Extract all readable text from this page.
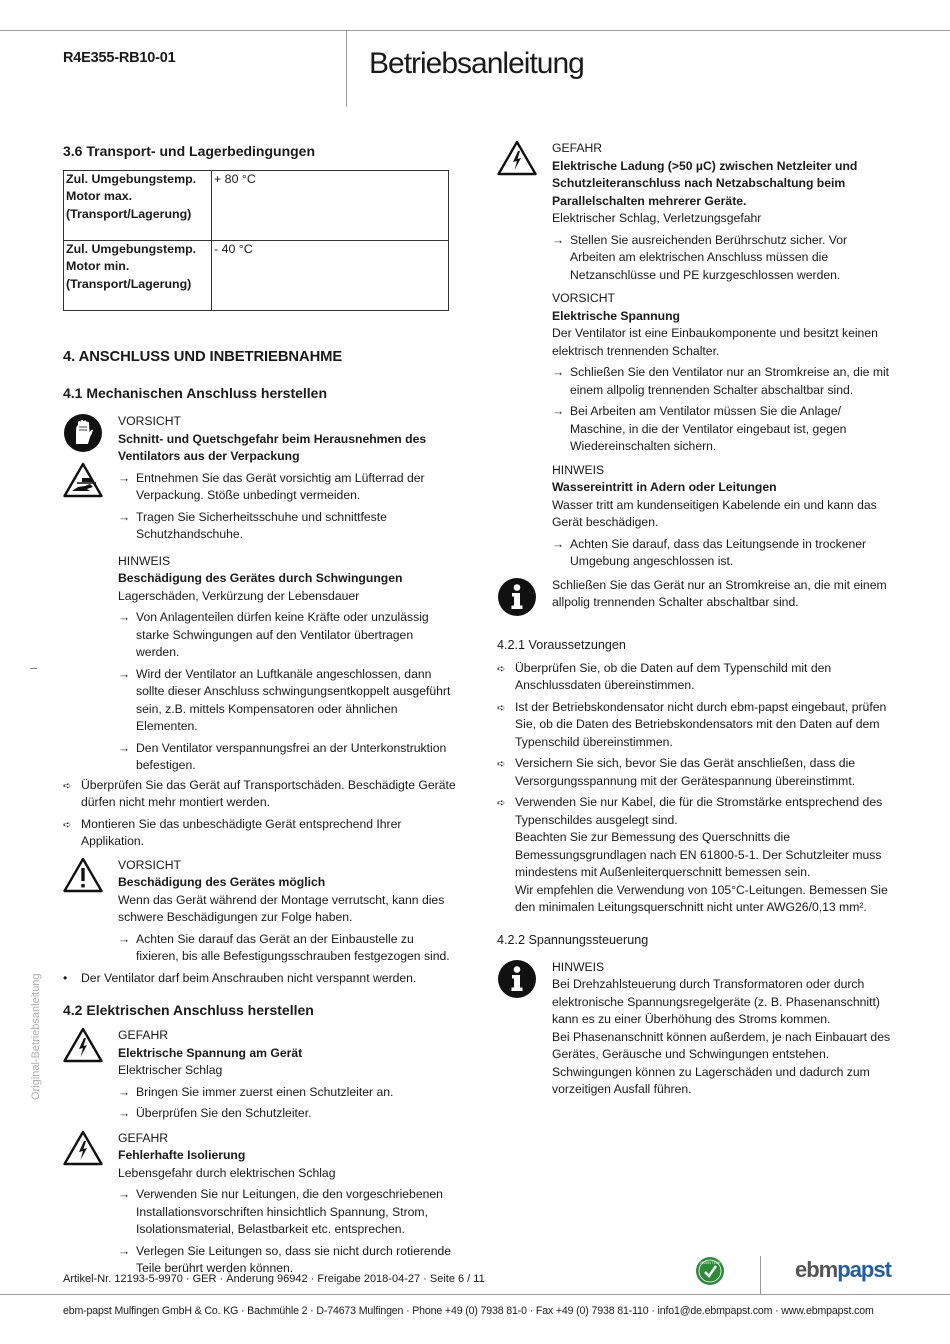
R4E355-RB10-01	Betriebsanleitung
Original-Betriebsanleitung
3.6 Transport- und Lagerbedingungen
Zul. Umgebungstemp. Motor max. (Transport/Lagerung)	+ 80 °C
Zul. Umgebungstemp. Motor min. (Transport/Lagerung)	- 40 °C
4. ANSCHLUSS UND INBETRIEBNAHME
4.1 Mechanischen Anschluss herstellen

VORSICHT
Schnitt- und Quetschgefahr beim Herausnehmen des Ventilators aus der Verpackung
→ Entnehmen Sie das Gerät vorsichtig am Lüfterrad der Verpackung. Stöße unbedingt vermeiden.
→ Tragen Sie Sicherheitsschuhe und schnittfeste Schutzhandschuhe.
HINWEIS
Beschädigung des Gerätes durch Schwingungen
Lagerschäden, Verkürzung der Lebensdauer
→ Von Anlagenteilen dürfen keine Kräfte oder unzulässig starke Schwingungen auf den Ventilator übertragen werden.
→ Wird der Ventilator an Luftkanäle angeschlossen, dann sollte dieser Anschluss schwingungsentkoppelt ausgeführt sein, z.B. mittels Kompensatoren oder ähnlichen Elementen.
→ Den Ventilator verspannungsfrei an der Unterkonstruktion befestigen.
➪ Überprüfen Sie das Gerät auf Transportschäden. Beschädigte Geräte dürfen nicht mehr montiert werden.
➪ Montieren Sie das unbeschädigte Gerät entsprechend Ihrer Applikation.
VORSICHT
Beschädigung des Gerätes möglich
Wenn das Gerät während der Montage verrutscht, kann dies schwere Beschädigungen zur Folge haben.
→ Achten Sie darauf das Gerät an der Einbaustelle zu fixieren, bis alle Befestigungsschrauben festgezogen sind.
• Der Ventilator darf beim Anschrauben nicht verspannt werden.
4.2 Elektrischen Anschluss herstellen
GEFAHR
Elektrische Spannung am Gerät
Elektrischer Schlag
→ Bringen Sie immer zuerst einen Schutzleiter an.
→ Überprüfen Sie den Schutzleiter.
GEFAHR
Fehlerhafte Isolierung
Lebensgefahr durch elektrischen Schlag
→ Verwenden Sie nur Leitungen, die den vorgeschriebenen Installationsvorschriften hinsichtlich Spannung, Strom, Isolationsmaterial, Belastbarkeit etc. entsprechen.
→ Verlegen Sie Leitungen so, dass sie nicht durch rotierende Teile berührt werden können.
GEFAHR
Elektrische Ladung (>50 µC) zwischen Netzleiter und Schutzleiteranschluss nach Netzabschaltung beim Parallelschalten mehrerer Geräte.
Elektrischer Schlag, Verletzungsgefahr
→ Stellen Sie ausreichenden Berührschutz sicher. Vor Arbeiten am elektrischen Anschluss müssen die Netzanschlüsse und PE kurzgeschlossen werden.
VORSICHT
Elektrische Spannung
Der Ventilator ist eine Einbaukomponente und besitzt keinen elektrisch trennenden Schalter.
→ Schließen Sie den Ventilator nur an Stromkreise an, die mit einem allpolig trennenden Schalter abschaltbar sind.
→ Bei Arbeiten am Ventilator müssen Sie die Anlage/ Maschine, in die der Ventilator eingebaut ist, gegen Wiedereinschalten sichern.
HINWEIS
Wassereintritt in Adern oder Leitungen
Wasser tritt am kundenseitigen Kabelende ein und kann das Gerät beschädigen.
→ Achten Sie darauf, dass das Leitungsende in trockener Umgebung angeschlossen ist.
Schließen Sie das Gerät nur an Stromkreise an, die mit einem allpolig trennenden Schalter abschaltbar sind.
4.2.1 Voraussetzungen
➪ Überprüfen Sie, ob die Daten auf dem Typenschild mit den Anschlussdaten übereinstimmen.
➪ Ist der Betriebskondensator nicht durch ebm-papst eingebaut, prüfen Sie, ob die Daten des Betriebskondensators mit den Daten auf dem Typenschild übereinstimmen.
➪ Versichern Sie sich, bevor Sie das Gerät anschließen, dass die Versorgungsspannung mit der Gerätespannung übereinstimmt.
➪ Verwenden Sie nur Kabel, die für die Stromstärke entsprechend des Typenschildes ausgelegt sind.
Beachten Sie zur Bemessung des Querschnitts die Bemessungsgrundlagen nach EN 61800-5-1. Der Schutzleiter muss mindestens mit Außenleiterquerschnitt bemessen sein.
Wir empfehlen die Verwendung von 105°C-Leitungen. Bemessen Sie den minimalen Leitungsquerschnitt nicht unter AWG26/0,13 mm².
4.2.2 Spannungssteuerung
HINWEIS
Bei Drehzahlsteuerung durch Transformatoren oder durch elektronische Spannungsregelgeräte (z. B. Phasenanschnitt) kann es zu einer Überhöhung des Stroms kommen.
Bei Phasenanschnitt können außerdem, je nach Einbauart des Gerätes, Geräusche und Schwingungen entstehen. Schwingungen können zu Lagerschäden und dadurch zum vorzeitigen Ausfall führen.
Artikel-Nr. 12193-5-9970 · GER · Änderung 96942 · Freigabe 2018-04-27 · Seite 6 / 11
GREEN TECH	ebmpapst
ebm-papst Mulfingen GmbH & Co. KG · Bachmühle 2 · D-74673 Mulfingen · Phone +49 (0) 7938 81-0 · Fax +49 (0) 7938 81-110 · info1@de.ebmpapst.com · www.ebmpapst.com
